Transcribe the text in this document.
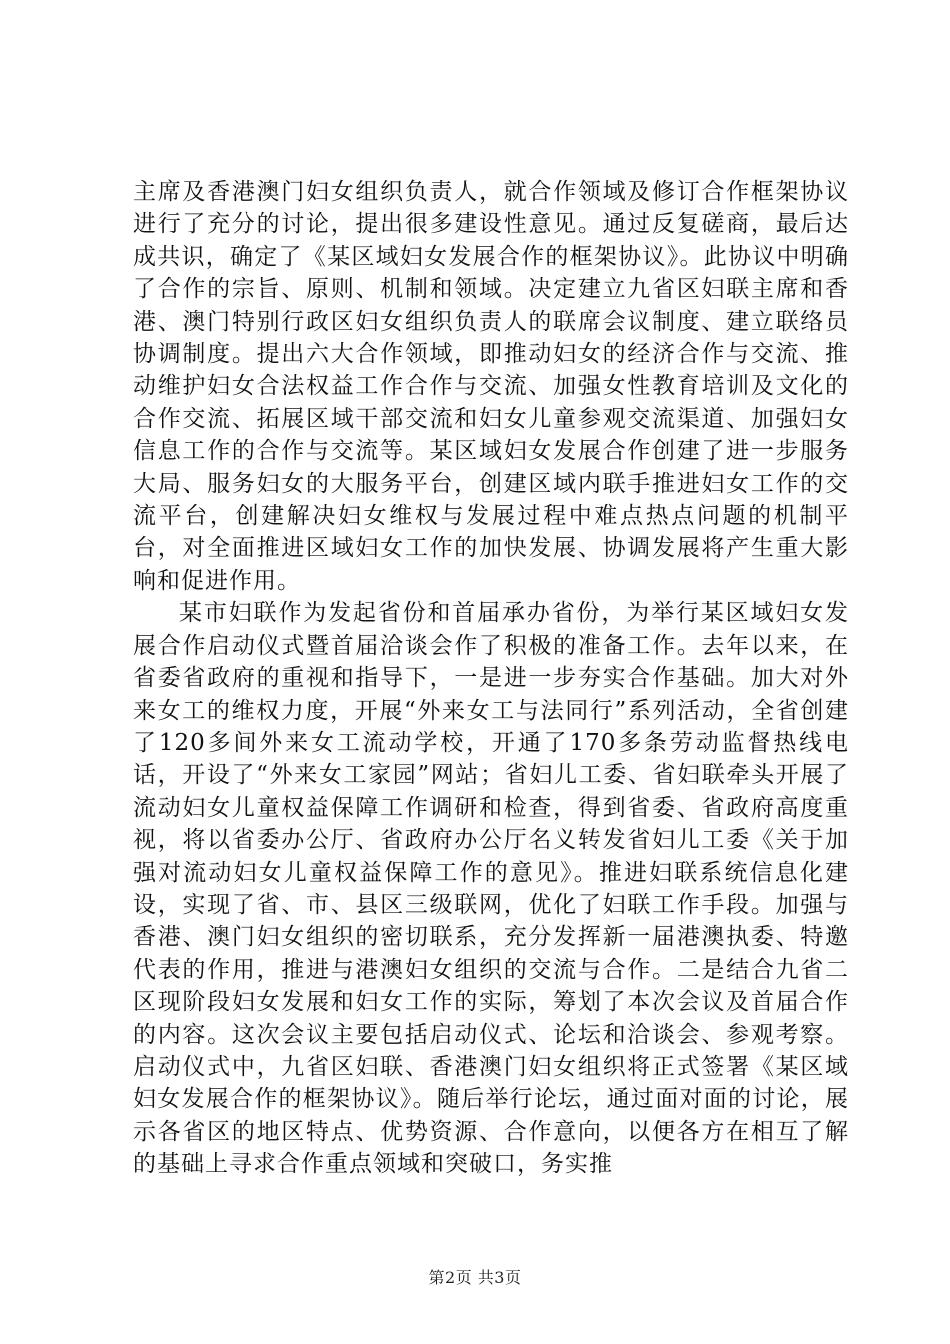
主席及香港澳门妇女组织负责人，就合作领域及修订合作框架协议进行了充分的讨论，提出很多建设性意见。通过反复磋商，最后达成共识，确定了《某区域妇女发展合作的框架协议》。此协议中明确了合作的宗旨、原则、机制和领域。决定建立九省区妇联主席和香港、澳门特别行政区妇女组织负责人的联席会议制度、建立联络员协调制度。提出六大合作领域，即推动妇女的经济合作与交流、推动维护妇女合法权益工作合作与交流、加强女性教育培训及文化的合作交流、拓展区域干部交流和妇女儿童参观交流渠道、加强妇女信息工作的合作与交流等。某区域妇女发展合作创建了进一步服务大局、服务妇女的大服务平台，创建区域内联手推进妇女工作的交流平台，创建解决妇女维权与发展过程中难点热点问题的机制平台，对全面推进区域妇女工作的加快发展、协调发展将产生重大影响和促进作用。

某市妇联作为发起省份和首届承办省份，为举行某区域妇女发展合作启动仪式暨首届洽谈会作了积极的准备工作。去年以来，在省委省政府的重视和指导下，一是进一步夯实合作基础。加大对外来女工的维权力度，开展“外来女工与法同行”系列活动，全省创建了120多间外来女工流动学校，开通了170多条劳动监督热线电话，开设了“外来女工家园”网站；省妇儿工委、省妇联牵头开展了流动妇女儿童权益保障工作调研和检查，得到省委、省政府高度重视，将以省委办公厅、省政府办公厅名义转发省妇儿工委《关于加强对流动妇女儿童权益保障工作的意见》。推进妇联系统信息化建设，实现了省、市、县区三级联网，优化了妇联工作手段。加强与香港、澳门妇女组织的密切联系，充分发挥新一届港澳执委、特邀代表的作用，推进与港澳妇女组织的交流与合作。二是结合九省二区现阶段妇女发展和妇女工作的实际，筹划了本次会议及首届合作的内容。这次会议主要包括启动仪式、论坛和洽谈会、参观考察。启动仪式中，九省区妇联、香港澳门妇女组织将正式签署《某区域妇女发展合作的框架协议》。随后举行论坛，通过面对面的讨论，展示各省区的地区特点、优势资源、合作意向，以便各方在相互了解的基础上寻求合作重点领域和突破口，务实推

第2页 共3页
